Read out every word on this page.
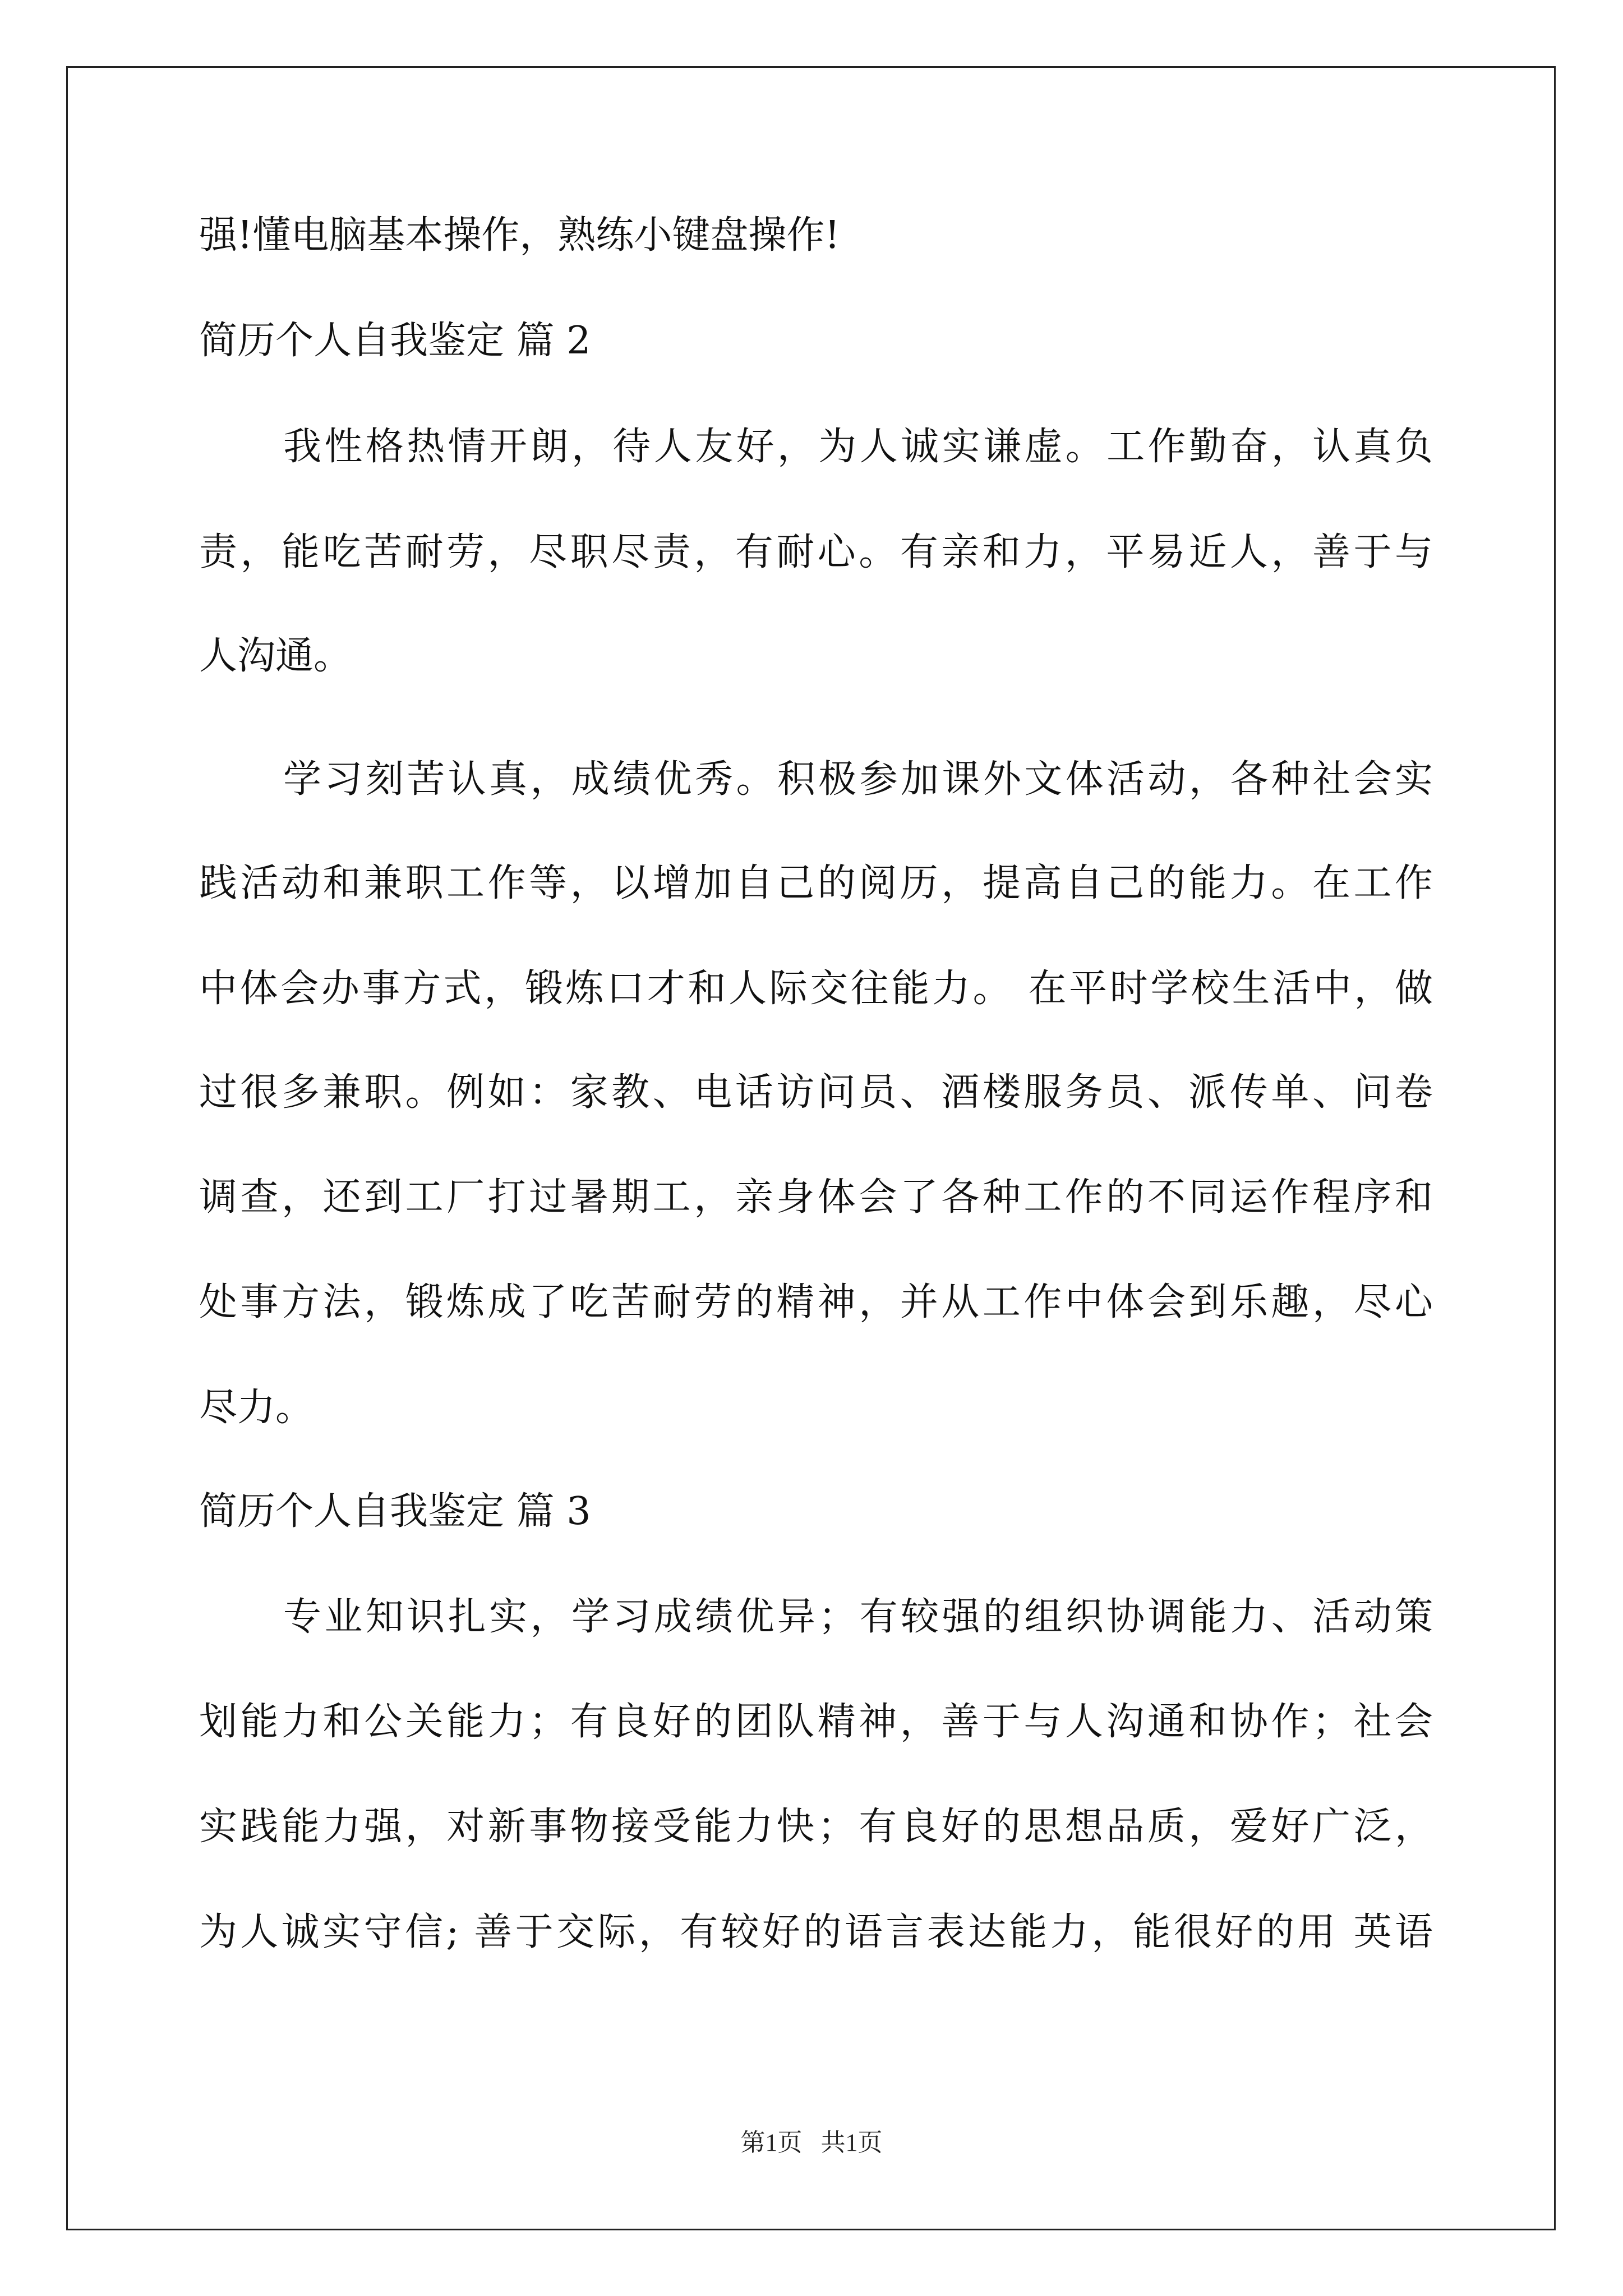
强!懂电脑基本操作，熟练小键盘操作!
简历个人自我鉴定 篇 2
我性格热情开朗，待人友好，为人诚实谦虚。工作勤奋，认真负
责，能吃苦耐劳，尽职尽责，有耐心。有亲和力，平易近人，善于与
人沟通。
学习刻苦认真，成绩优秀。积极参加课外文体活动，各种社会实
践活动和兼职工作等，以增加自己的阅历，提高自己的能力。在工作
中体会办事方式，锻炼口才和人际交往能力。 在平时学校生活中，做
过很多兼职。例如：家教、电话访问员、酒楼服务员、派传单、问卷
调查，还到工厂打过暑期工，亲身体会了各种工作的不同运作程序和
处事方法，锻炼成了吃苦耐劳的精神，并从工作中体会到乐趣，尽心
尽力。
简历个人自我鉴定 篇 3
专业知识扎实，学习成绩优异；有较强的组织协调能力、活动策
划能力和公关能力；有良好的团队精神，善于与人沟通和协作；社会
实践能力强，对新事物接受能力快；有良好的思想品质，爱好广泛，
为人诚实守信; 善于交际，有较好的语言表达能力，能很好的用 英语
第1页   共1页
